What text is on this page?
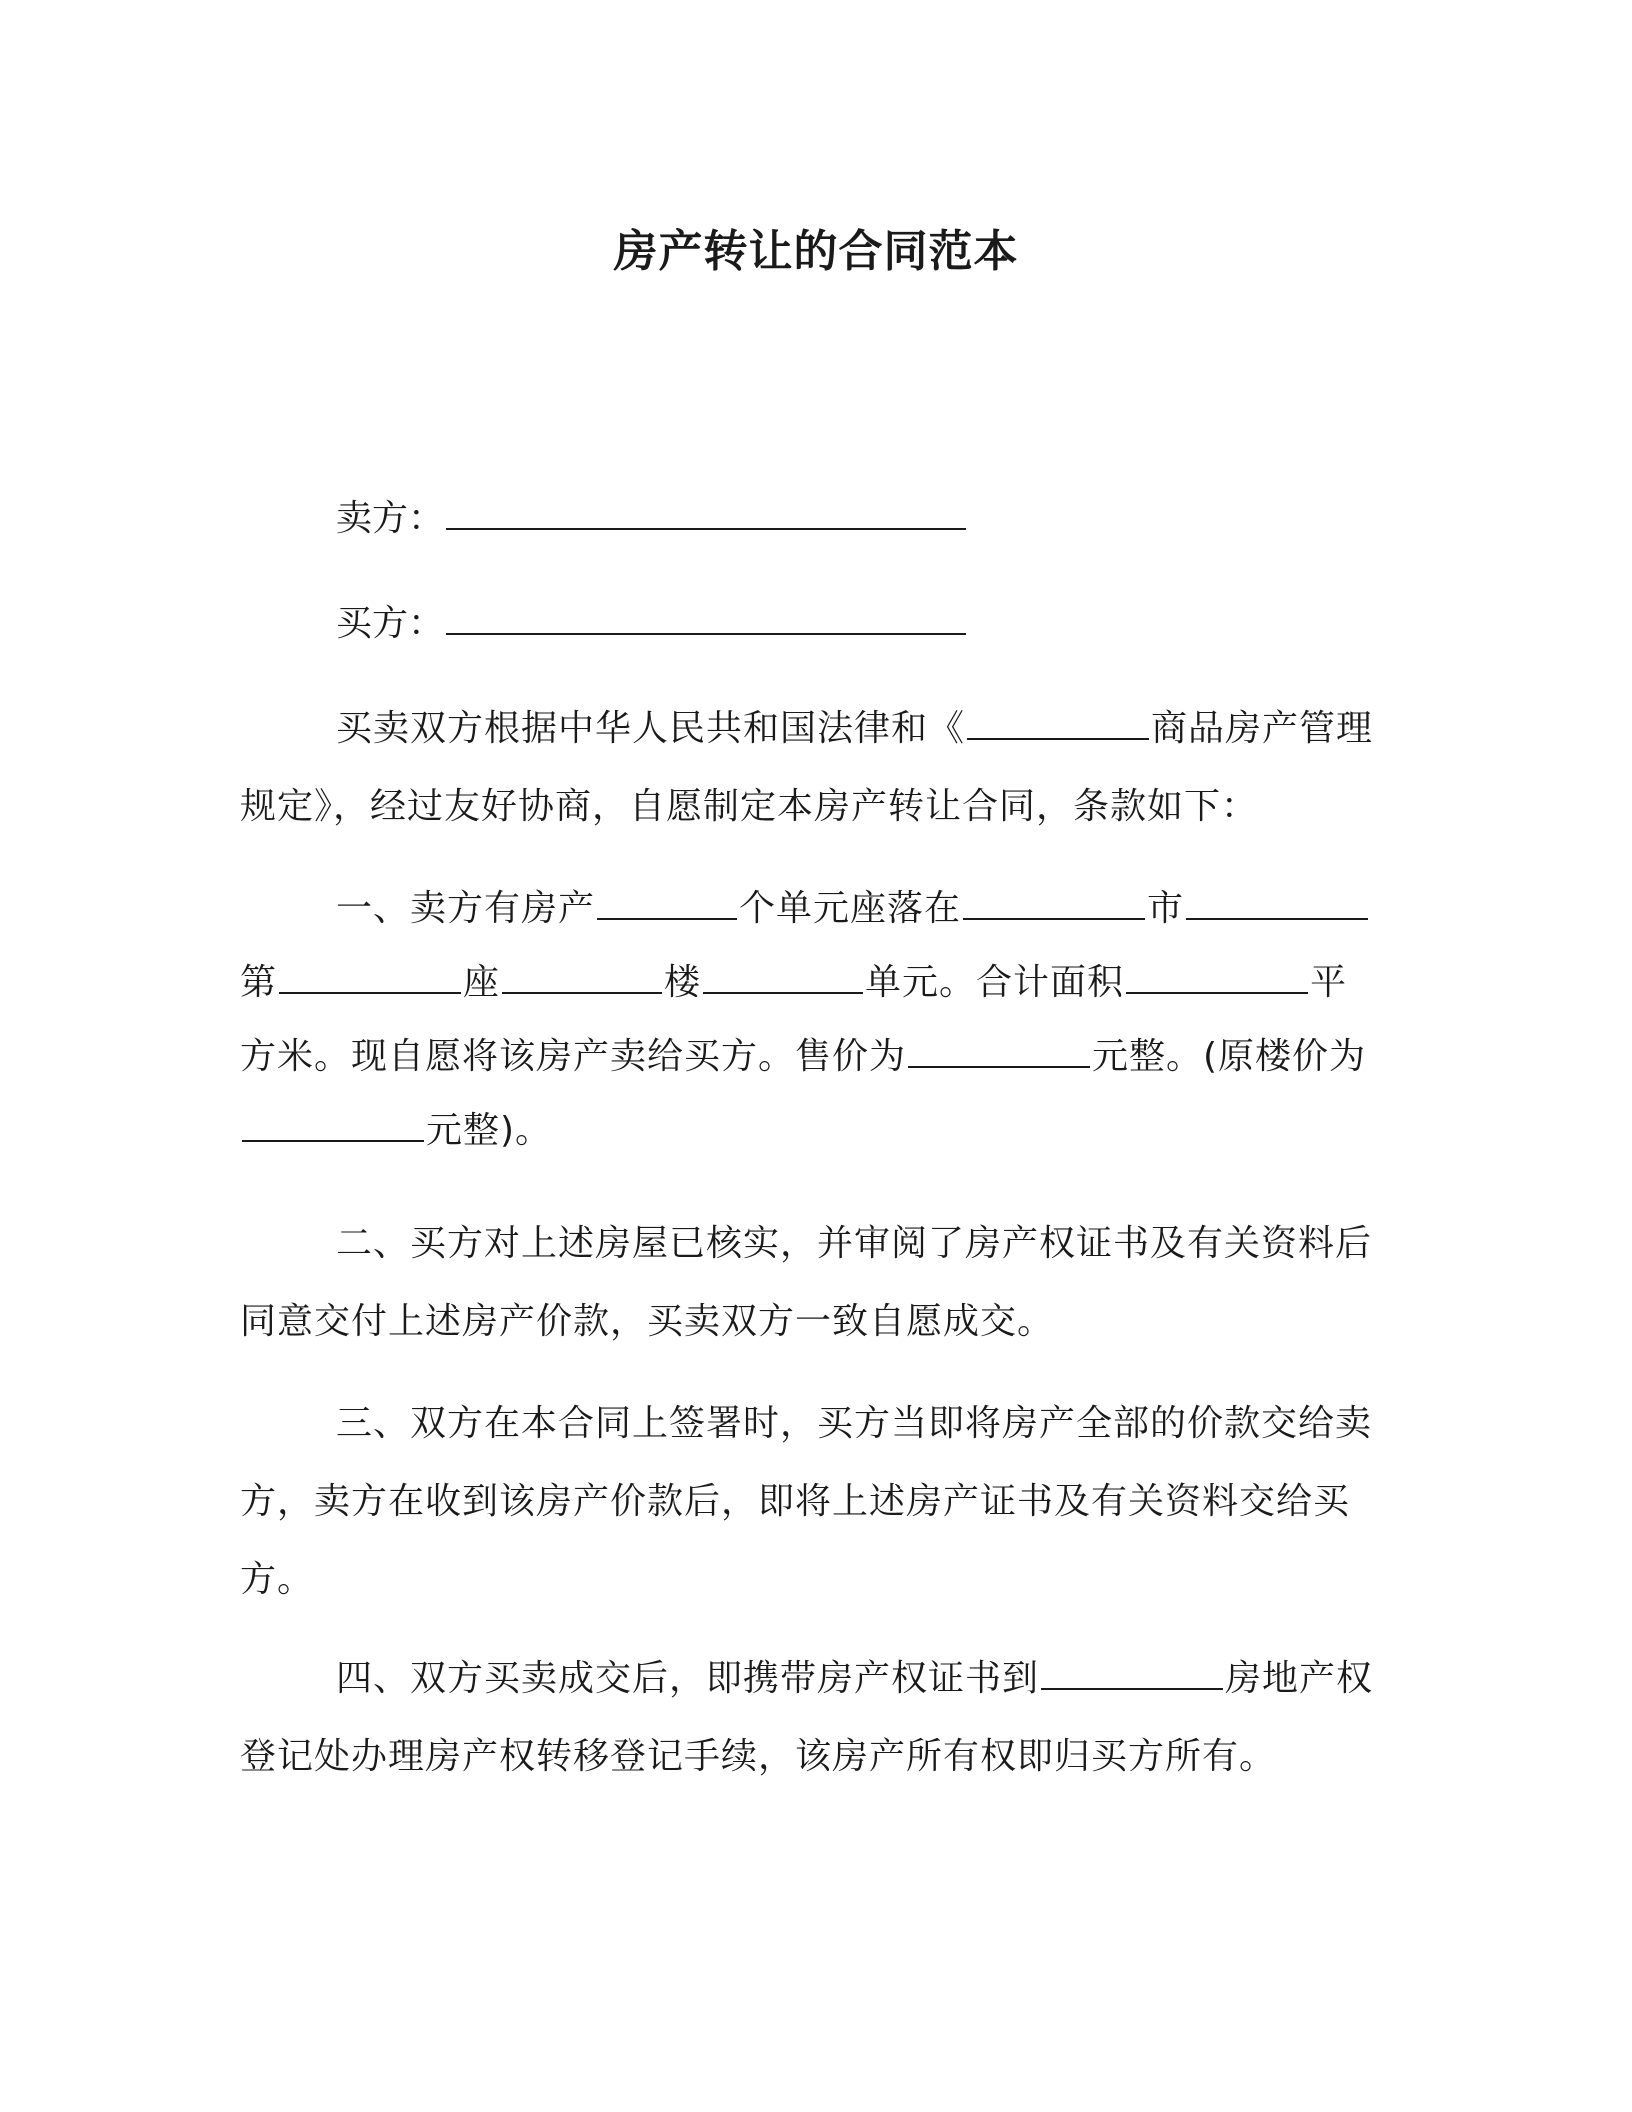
房产转让的合同范本
卖方：
买方：
买卖双方根据中华人民共和国法律和《	商品房产管理规定》，经过友好协商，自愿制定本房产转让合同，条款如下：
一、卖方有房产	个单元座落在	市第	座	楼	单元。合计面积	平方米。现自愿将该房产卖给买方。售价为	元整。(原楼价为元整)。
二、买方对上述房屋已核实，并审阅了房产权证书及有关资料后同意交付上述房产价款，买卖双方一致自愿成交。
三、双方在本合同上签署时，买方当即将房产全部的价款交给卖方，卖方在收到该房产价款后，即将上述房产证书及有关资料交给买方。
四、双方买卖成交后，即携带房产权证书到	房地产权登记处办理房产权转移登记手续，该房产所有权即归买方所有。
